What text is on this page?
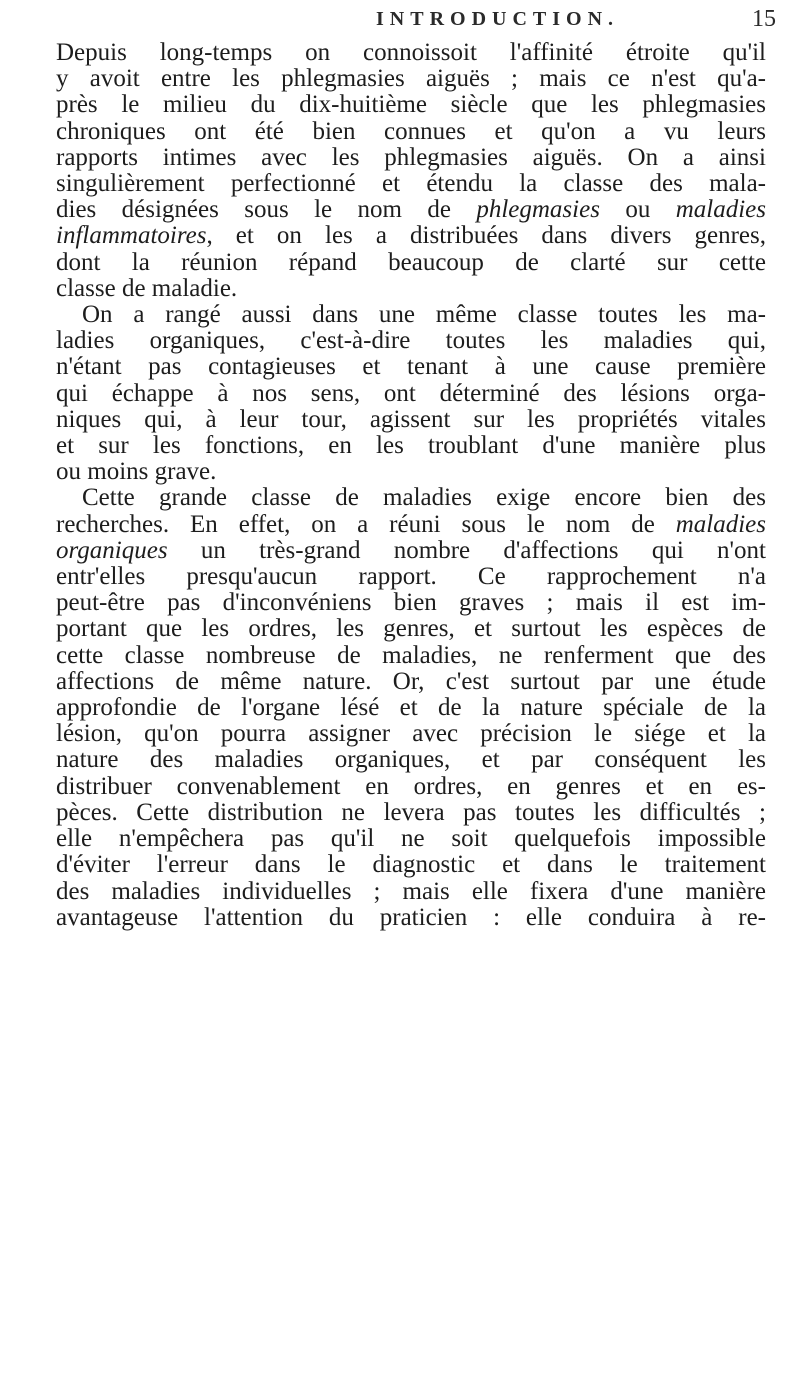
INTRODUCTION.	15
Depuis long-temps on connoissoit l'affinité étroite qu'il
y avoit entre les phlegmasies aiguës ; mais ce n'est qu'a-
près le milieu du dix-huitième siècle que les phlegmasies
chroniques ont été bien connues et qu'on a vu leurs
rapports intimes avec les phlegmasies aiguës. On a ainsi
singulièrement perfectionné et étendu la classe des mala-
dies désignées sous le nom de phlegmasies ou maladies
inflammatoires, et on les a distribuées dans divers genres,
dont la réunion répand beaucoup de clarté sur cette
classe de maladie.
On a rangé aussi dans une même classe toutes les ma-
ladies organiques, c'est-à-dire toutes les maladies qui,
n'étant pas contagieuses et tenant à une cause première
qui échappe à nos sens, ont déterminé des lésions orga-
niques qui, à leur tour, agissent sur les propriétés vitales
et sur les fonctions, en les troublant d'une manière plus
ou moins grave.
Cette grande classe de maladies exige encore bien des
recherches. En effet, on a réuni sous le nom de maladies
organiques un très-grand nombre d'affections qui n'ont
entr'elles presqu'aucun rapport. Ce rapprochement n'a
peut-être pas d'inconvéniens bien graves ; mais il est im-
portant que les ordres, les genres, et surtout les espèces de
cette classe nombreuse de maladies, ne renferment que des
affections de même nature. Or, c'est surtout par une étude
approfondie de l'organe lésé et de la nature spéciale de la
lésion, qu'on pourra assigner avec précision le siége et la
nature des maladies organiques, et par conséquent les
distribuer convenablement en ordres, en genres et en es-
pèces. Cette distribution ne levera pas toutes les difficultés ;
elle n'empêchera pas qu'il ne soit quelquefois impossible
d'éviter l'erreur dans le diagnostic et dans le traitement
des maladies individuelles ; mais elle fixera d'une manière
avantageuse l'attention du praticien : elle conduira à re-
